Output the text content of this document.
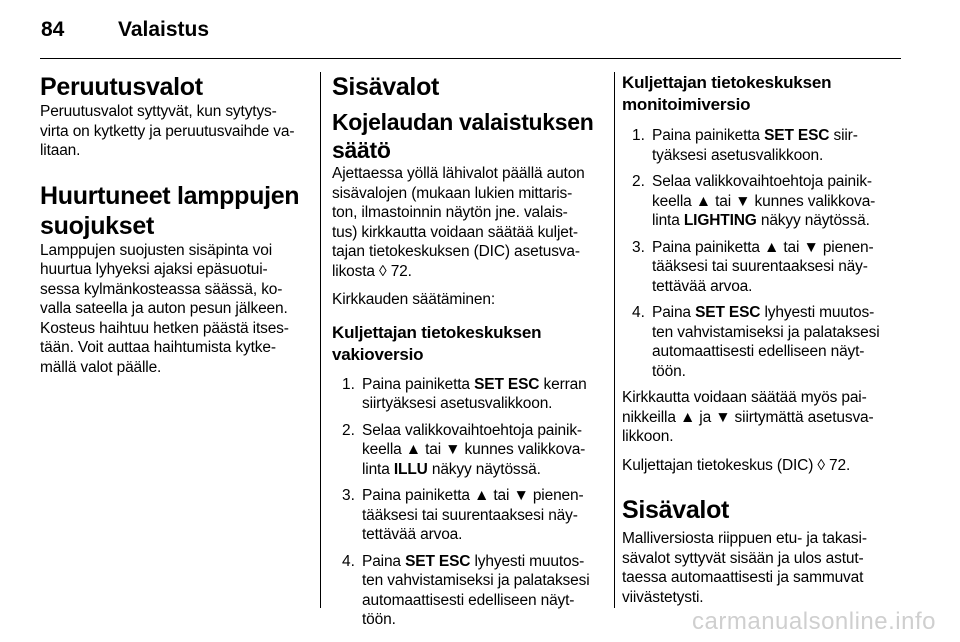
84	Valaistus
Peruutusvalot
Peruutusvalot syttyvät, kun sytytys-
virta on kytketty ja peruutusvaihde va-
litaan.
Huurtuneet lamppujen
suojukset
Lamppujen suojusten sisäpinta voi
huurtua lyhyeksi ajaksi epäsuotui-
sessa kylmänkosteassa säässä, ko-
valla sateella ja auton pesun jälkeen.
Kosteus haihtuu hetken päästä itses-
tään. Voit auttaa haihtumista kytke-
mällä valot päälle.
Sisävalot
Kojelaudan valaistuksen
säätö
Ajettaessa yöllä lähivalot päällä auton
sisävalojen (mukaan lukien mittaris-
ton, ilmastoinnin näytön jne. valais-
tus) kirkkautta voidaan säätää kuljet-
tajan tietokeskuksen (DIC) asetusva-
likosta ◊ 72.
Kirkkauden säätäminen:
Kuljettajan tietokeskuksen
vakioversio
1. Paina painiketta SET ESC kerran
siirtyäksesi asetusvalikkoon.
2. Selaa valikkovaihtoehtoja painik-
keella ▲ tai ▼ kunnes valikkova-
linta ILLU näkyy näytössä.
3. Paina painiketta ▲ tai ▼ pienen-
tääksesi tai suurentaaksesi näy-
tettävää arvoa.
4. Paina SET ESC lyhyesti muutos-
ten vahvistamiseksi ja palataksesi
automaattisesti edelliseen näyt-
töön.
Kuljettajan tietokeskuksen
monitoimiversio
1. Paina painiketta SET ESC siir-
tyäksesi asetusvalikkoon.
2. Selaa valikkovaihtoehtoja painik-
keella ▲ tai ▼ kunnes valikkova-
linta LIGHTING näkyy näytössä.
3. Paina painiketta ▲ tai ▼ pienen-
tääksesi tai suurentaaksesi näy-
tettävää arvoa.
4. Paina SET ESC lyhyesti muutos-
ten vahvistamiseksi ja palataksesi
automaattisesti edelliseen näyt-
töön.
Kirkkautta voidaan säätää myös pai-
nikkeilla ▲ ja ▼ siirtymättä asetusva-
likkoon.
Kuljettajan tietokeskus (DIC) ◊ 72.
Sisävalot
Malliversiosta riippuen etu- ja takasi-
sävalot syttyvät sisään ja ulos astut-
taessa automaattisesti ja sammuvat
viivästetysti.
carmanualsonline.info
